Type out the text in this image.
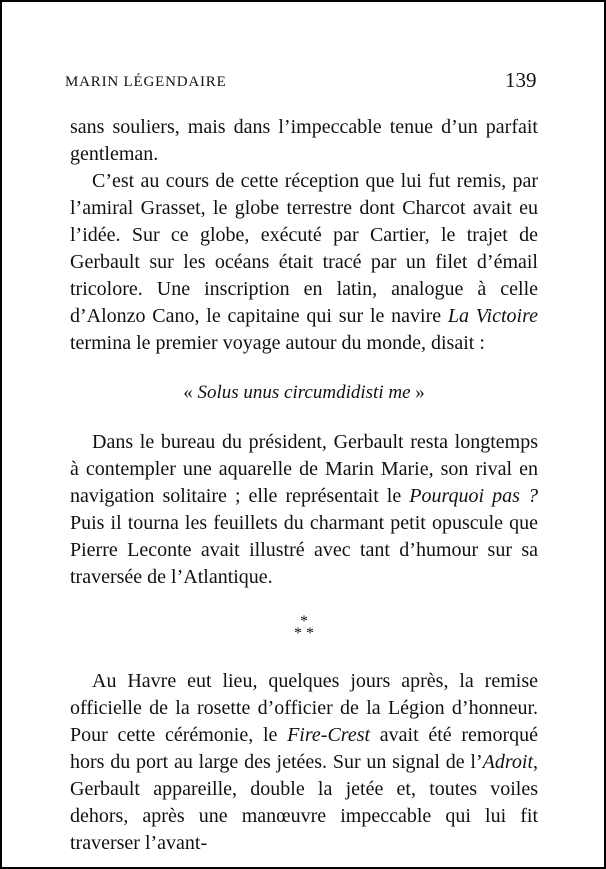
MARIN LÉGENDAIRE	139

sans souliers, mais dans l’impeccable tenue d’un parfait gentleman.

C’est au cours de cette réception que lui fut remis, par l’amiral Grasset, le globe terrestre dont Charcot avait eu l’idée. Sur ce globe, exécuté par Cartier, le trajet de Gerbault sur les océans était tracé par un filet d’émail tricolore. Une inscription en latin, analogue à celle d’Alonzo Cano, le capitaine qui sur le navire La Victoire termina le premier voyage autour du monde, disait :

« Solus unus circumdidisti me »

Dans le bureau du président, Gerbault resta longtemps à contempler une aquarelle de Marin Marie, son rival en navigation solitaire ; elle représentait le Pourquoi pas ? Puis il tourna les feuillets du charmant petit opuscule que Pierre Leconte avait illustré avec tant d’humour sur sa traversée de l’Atlantique.

*
* *

Au Havre eut lieu, quelques jours après, la remise officielle de la rosette d’officier de la Légion d’honneur. Pour cette cérémonie, le Fire-Crest avait été remorqué hors du port au large des jetées. Sur un signal de l’Adroit, Gerbault appareille, double la jetée et, toutes voiles dehors, après une manœuvre impeccable qui lui fit traverser l’avant-
